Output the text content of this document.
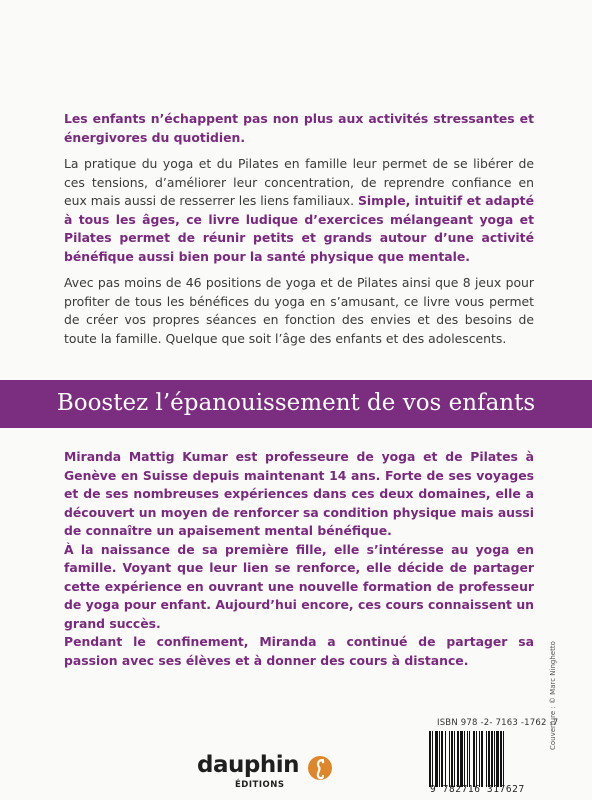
Les enfants n’échappent pas non plus aux activités stressantes et énergivores du quotidien.

La pratique du yoga et du Pilates en famille leur permet de se libérer de ces tensions, d’améliorer leur concentration, de reprendre confiance en eux mais aussi de resserrer les liens familiaux. Simple, intuitif et adapté à tous les âges, ce livre ludique d’exercices mélangeant yoga et Pilates permet de réunir petits et grands autour d’une activité bénéfique aussi bien pour la santé physique que mentale.

Avec pas moins de 46 positions de yoga et de Pilates ainsi que 8 jeux pour profiter de tous les bénéfices du yoga en s’amusant, ce livre vous permet de créer vos propres séances en fonction des envies et des besoins de toute la famille. Quelque que soit l’âge des enfants et des adolescents.

Boostez l’épanouissement de vos enfants

Miranda Mattig Kumar est professeure de yoga et de Pilates à Genève en Suisse depuis maintenant 14 ans. Forte de ses voyages et de ses nombreuses expériences dans ces deux domaines, elle a découvert un moyen de renforcer sa condition physique mais aussi de connaître un apaisement mental bénéfique.

À la naissance de sa première fille, elle s’intéresse au yoga en famille. Voyant que leur lien se renforce, elle décide de partager cette expérience en ouvrant une nouvelle formation de professeur de yoga pour enfant. Aujourd’hui encore, ces cours connaissent un grand succès.

Pendant le confinement, Miranda a continué de partager sa passion avec ses élèves et à donner des cours à distance.	Couverture : © Marc Ninghetto
dauphin
ÉDITIONS
ISBN 978 -2- 7163 -1762 -7
9 782716 317627
